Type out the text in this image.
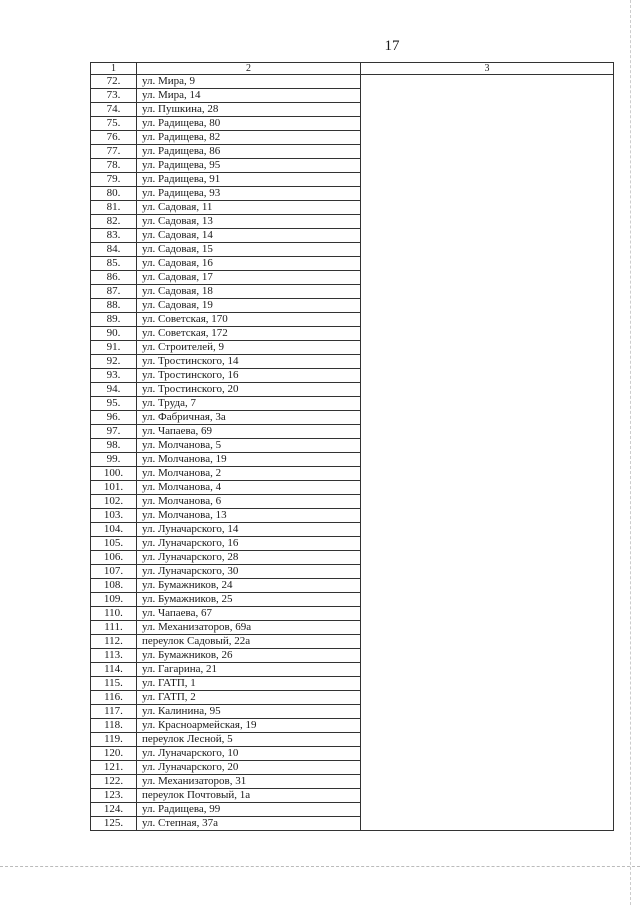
17
1	2	3
72.	ул. Мира, 9	
73.	ул. Мира, 14	
74.	ул. Пушкина, 28	
75.	ул. Радищева, 80	
76.	ул. Радищева, 82	
77.	ул. Радищева, 86	
78.	ул. Радищева, 95	
79.	ул. Радищева, 91	
80.	ул. Радищева, 93	
81.	ул. Садовая, 11	
82.	ул. Садовая, 13	
83.	ул. Садовая, 14	
84.	ул. Садовая, 15	
85.	ул. Садовая, 16	
86.	ул. Садовая, 17	
87.	ул. Садовая, 18	
88.	ул. Садовая, 19	
89.	ул. Советская, 170	
90.	ул. Советская, 172	
91.	ул. Строителей, 9	
92.	ул. Тростинского, 14	
93.	ул. Тростинского, 16	
94.	ул. Тростинского, 20	
95.	ул. Труда, 7	
96.	ул. Фабричная, 3а	
97.	ул. Чапаева, 69	
98.	ул. Молчанова, 5	
99.	ул. Молчанова, 19	
100.	ул. Молчанова, 2	
101.	ул. Молчанова, 4	
102.	ул. Молчанова, 6	
103.	ул. Молчанова, 13	
104.	ул. Луначарского, 14	
105.	ул. Луначарского, 16	
106.	ул. Луначарского, 28	
107.	ул. Луначарского, 30	
108.	ул. Бумажников, 24	
109.	ул. Бумажников, 25	
110.	ул. Чапаева, 67	
111.	ул. Механизаторов, 69а	
112.	переулок Садовый, 22а	
113.	ул. Бумажников, 26	
114.	ул. Гагарина, 21	
115.	ул. ГАТП, 1	
116.	ул. ГАТП, 2	
117.	ул. Калинина, 95	
118.	ул. Красноармейская, 19	
119.	переулок Лесной, 5	
120.	ул. Луначарского, 10	
121.	ул. Луначарского, 20	
122.	ул. Механизаторов, 31	
123.	переулок Почтовый, 1а	
124.	ул. Радищева, 99	
125.	ул. Степная, 37а	
